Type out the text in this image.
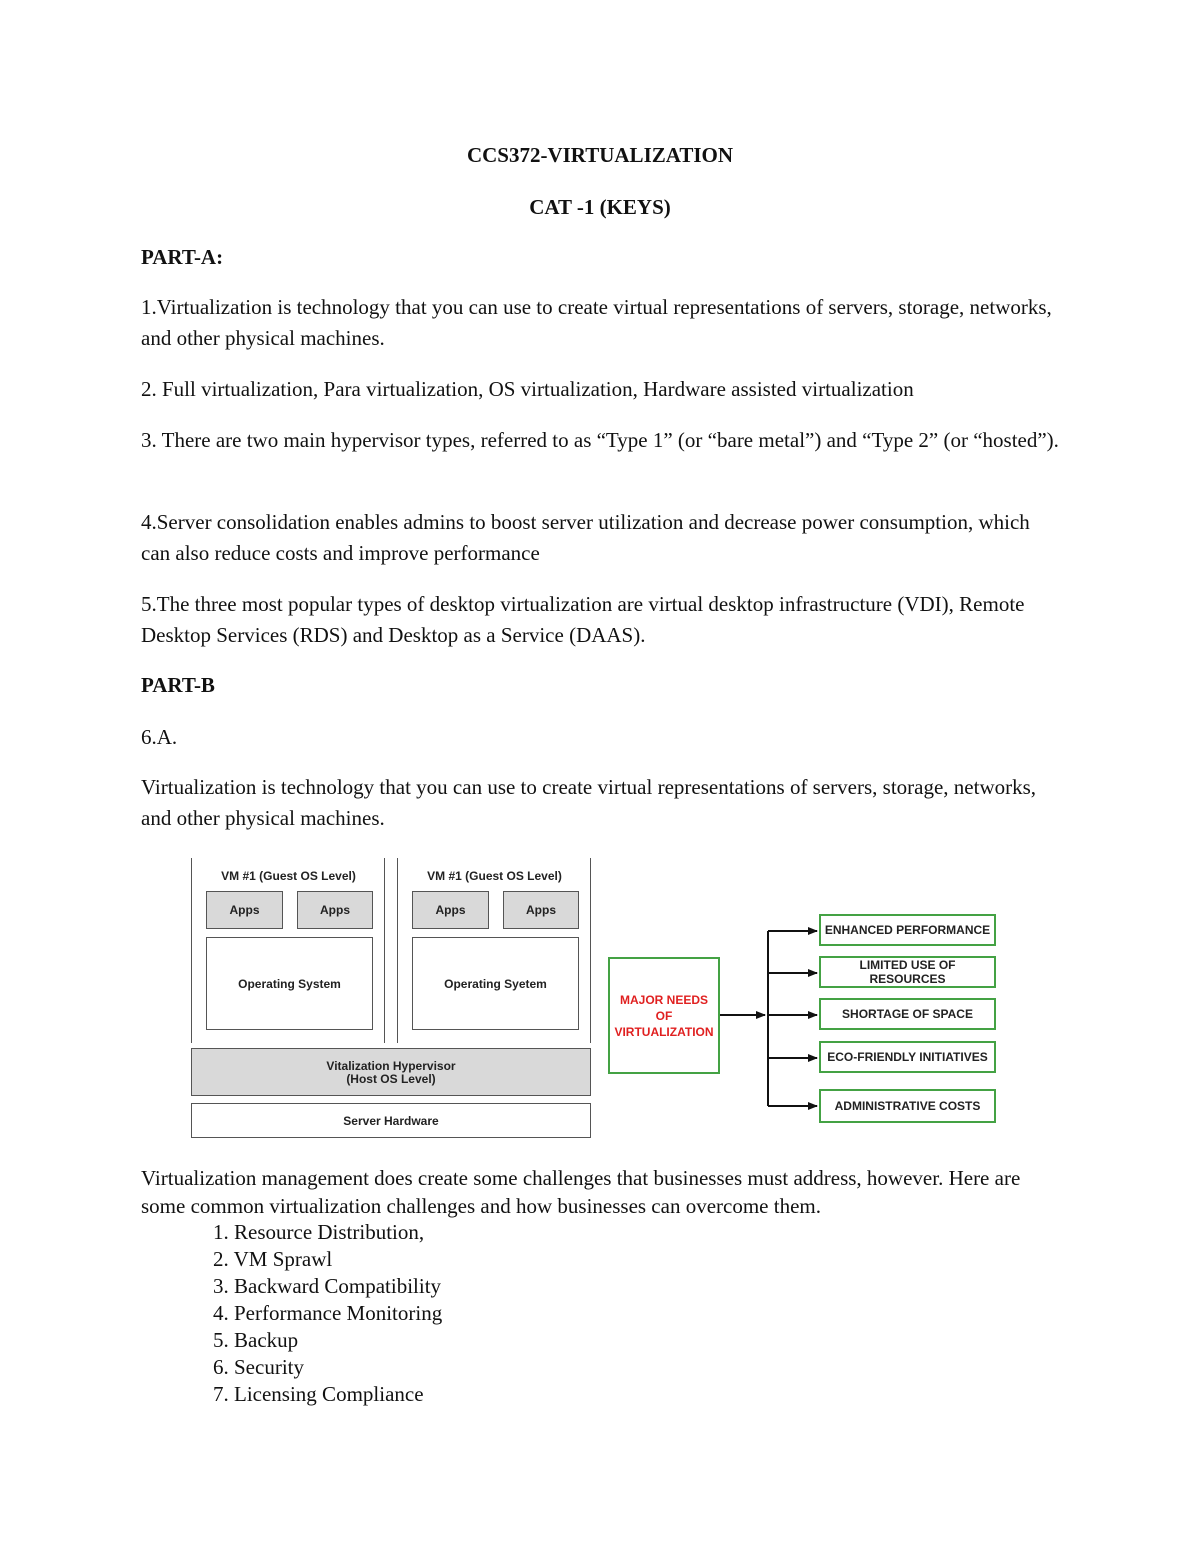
CCS372-VIRTUALIZATION
CAT -1 (KEYS)
PART-A:

1.Virtualization is technology that you can use to create virtual representations of servers, storage, networks, and other physical machines.

2. Full virtualization, Para virtualization, OS virtualization, Hardware assisted virtualization

3. There are two main hypervisor types, referred to as “Type 1” (or “bare metal”) and “Type 2” (or “hosted”).

4.Server consolidation enables admins to boost server utilization and decrease power consumption, which can also reduce costs and improve performance

5.The three most popular types of desktop virtualization are virtual desktop infrastructure (VDI), Remote Desktop Services (RDS) and Desktop as a Service (DAAS).

PART-B

6.A.

Virtualization is technology that you can use to create virtual representations of servers, storage, networks, and other physical machines.

VM #1 (Guest OS Level)
Apps	Apps
Operating System
VM #1 (Guest OS Level)
Apps	Apps
Operating Syetem
Vitalization Hypervisor
(Host OS Level)
Server Hardware
MAJOR NEEDS
OF
VIRTUALIZATION
ENHANCED PERFORMANCE
LIMITED USE OF RESOURCES
SHORTAGE OF SPACE
ECO-FRIENDLY INITIATIVES
ADMINISTRATIVE COSTS

Virtualization management does create some challenges that businesses must address, however. Here are some common virtualization challenges and how businesses can overcome them.

1. Resource Distribution,
2. VM Sprawl
3. Backward Compatibility
4. Performance Monitoring
5. Backup
6. Security
7. Licensing Compliance
